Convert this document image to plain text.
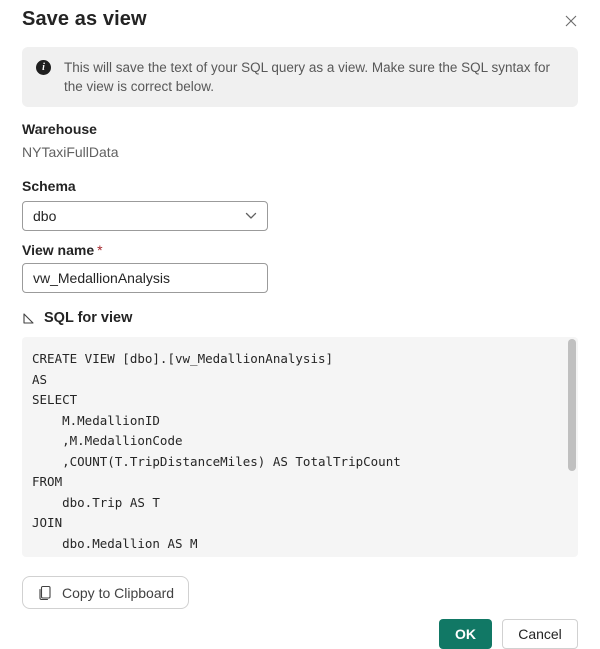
Save as view
i	This will save the text of your SQL query as a view. Make sure the SQL syntax for the view is correct below.
Warehouse
NYTaxiFullData
Schema
dbo
View name *
vw_MedallionAnalysis
SQL for view
CREATE VIEW [dbo].[vw_MedallionAnalysis]
AS
SELECT
M.MedallionID
,M.MedallionCode
,COUNT(T.TripDistanceMiles) AS TotalTripCount
FROM
dbo.Trip AS T
JOIN
dbo.Medallion AS M
Copy to Clipboard
OK	Cancel
